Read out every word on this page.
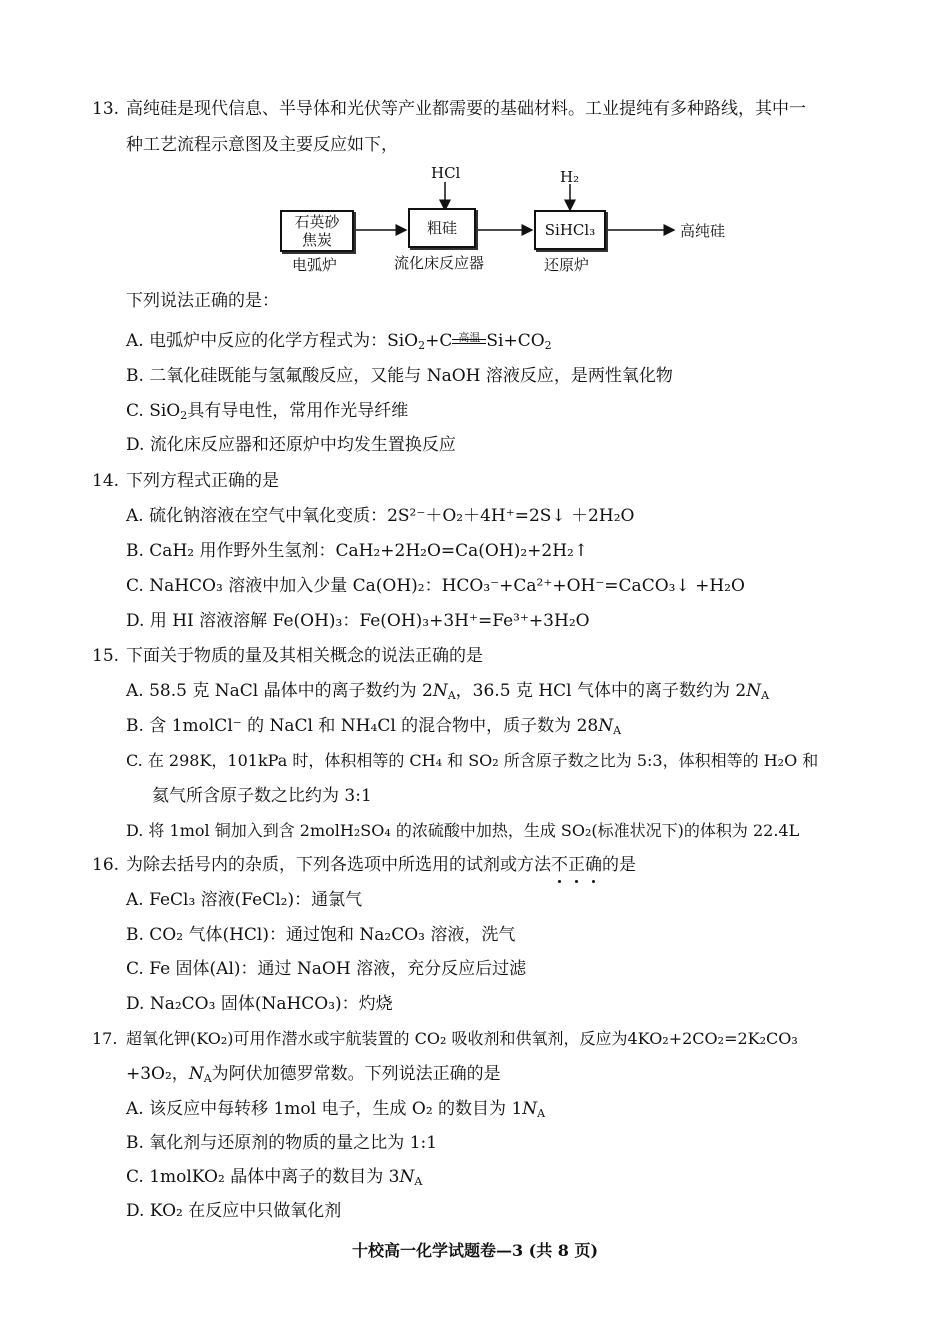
13. 高纯硅是现代信息、半导体和光伏等产业都需要的基础材料。工业提纯有多种路线，其中一
种工艺流程示意图及主要反应如下，
HCl	H₂
石英砂
焦炭
粗硅	SiHCl₃	高纯硅
电弧炉	流化床反应器	还原炉
下列说法正确的是：
A. 电弧炉中反应的化学方程式为：SiO$_2$+C 高温 $Si+CO_2$
B. 二氧化硅既能与氢氟酸反应，又能与 NaOH 溶液反应，是两性氧化物
C. SiO$_2$具有导电性，常用作光导纤维
D. 流化床反应器和还原炉中均发生置换反应
14. 下列方程式正确的是
A. 硫化钠溶液在空气中氧化变质：2S²⁻＋O₂＋4H⁺=2S↓ ＋2H₂O
B. CaH₂ 用作野外生氢剂：CaH₂+2H₂O=Ca(OH)₂+2H₂↑
C. NaHCO₃ 溶液中加入少量 Ca(OH)₂：HCO₃⁻+Ca²⁺+OH⁻=CaCO₃↓ +H₂O
D. 用 HI 溶液溶解 Fe(OH)₃：Fe(OH)₃+3H⁺=Fe³⁺+3H₂O
15. 下面关于物质的量及其相关概念的说法正确的是
A. 58.5 克 NaCl 晶体中的离子数约为 $2N_A$，36.5 克 HCl 气体中的离子数约为 $2N_A$
B. 含 1molCl⁻ 的 NaCl 和 NH₄Cl 的混合物中，质子数为 $28N_A$
C. 在 298K，101kPa 时，体积相等的 CH₄ 和 SO₂ 所含原子数之比为 5:3，体积相等的 H₂O 和
氦气所含原子数之比约为 3:1
D. 将 1mol 铜加入到含 2molH₂SO₄ 的浓硫酸中加热，生成 SO₂(标准状况下)的体积为 22.4L
16. 为除去括号内的杂质，下列各选项中所选用的试剂或方法不正确的是
A. FeCl₃ 溶液(FeCl₂)：通氯气
B. CO₂ 气体(HCl)：通过饱和 Na₂CO₃ 溶液，洗气
C. Fe 固体(Al)：通过 NaOH 溶液，充分反应后过滤
D. Na₂CO₃ 固体(NaHCO₃)：灼烧
17. 超氧化钾(KO₂)可用作潜水或宇航装置的 CO₂ 吸收剂和供氧剂，反应为4KO₂+2CO₂=2K₂CO₃
+3O₂，$N_A$为阿伏加德罗常数。下列说法正确的是
A. 该反应中每转移 1mol 电子，生成 O₂ 的数目为 $1N_A$
B. 氧化剂与还原剂的物质的量之比为 1:1
C. 1molKO₂ 晶体中离子的数目为 $3N_A$
D. KO₂ 在反应中只做氧化剂
十校高一化学试题卷—3 (共 8 页)
